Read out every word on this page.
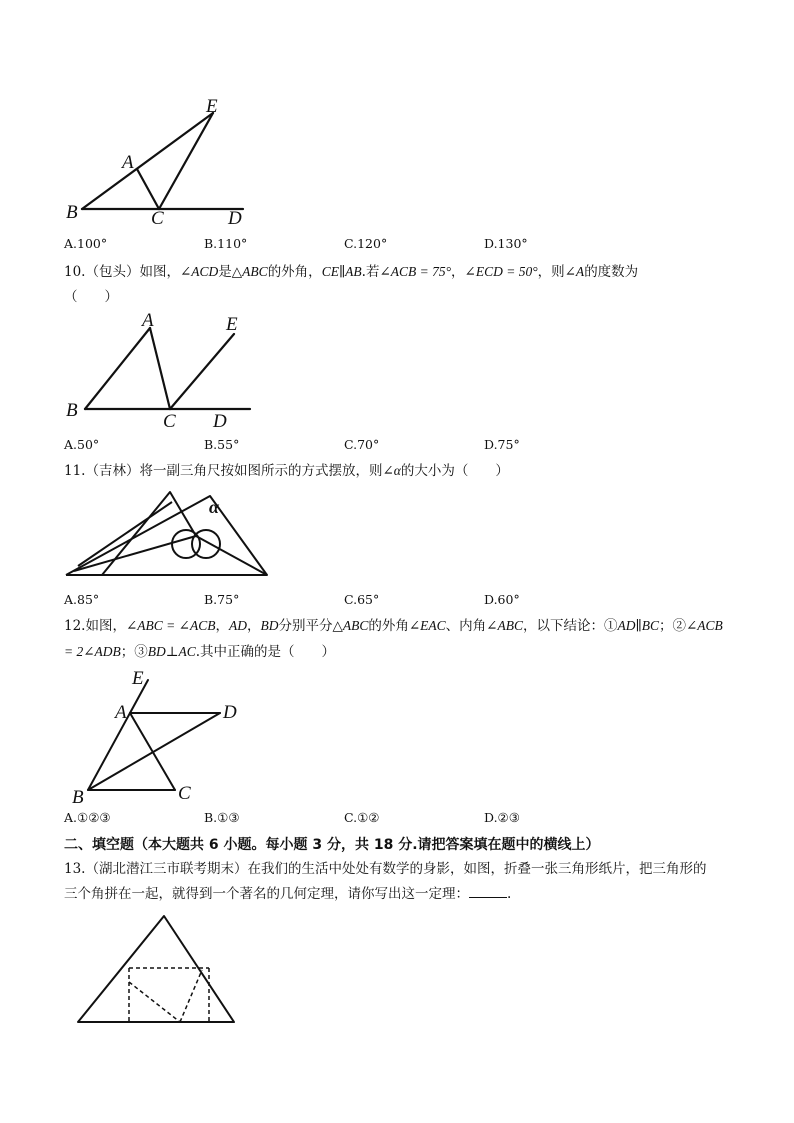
E
A
B	C	D
A.100°	B.110°	C.120°	D.130°
10.（包头）如图，∠ACD是△ABC的外角，CE∥AB.若∠ACB = 75°，∠ECD = 50°，则∠A的度数为
（　　）
A	E
B
C D
A.50°	B.55°	C.70°	D.75°
11.（吉林）将一副三角尺按如图所示的方式摆放，则∠α的大小为（　　）
α
A.85°	B.75°	C.65°	D.60°
12.如图，∠ABC = ∠ACB，AD，BD分别平分△ABC的外角∠EAC、内角∠ABC，以下结论：①AD∥BC；②∠ACB = 2∠ADB；③BD⊥AC.其中正确的是（　　）
E
A	D
B	C
A.①②③	B.①③	C.①②	D.②③
二、填空题（本大题共 6 小题。每小题 3 分，共 18 分.请把答案填在题中的横线上）
13.（湖北潜江三市联考期末）在我们的生活中处处有数学的身影，如图，折叠一张三角形纸片，把三角形的
三个角拼在一起，就得到一个著名的几何定理，请你写出这一定理：	.
